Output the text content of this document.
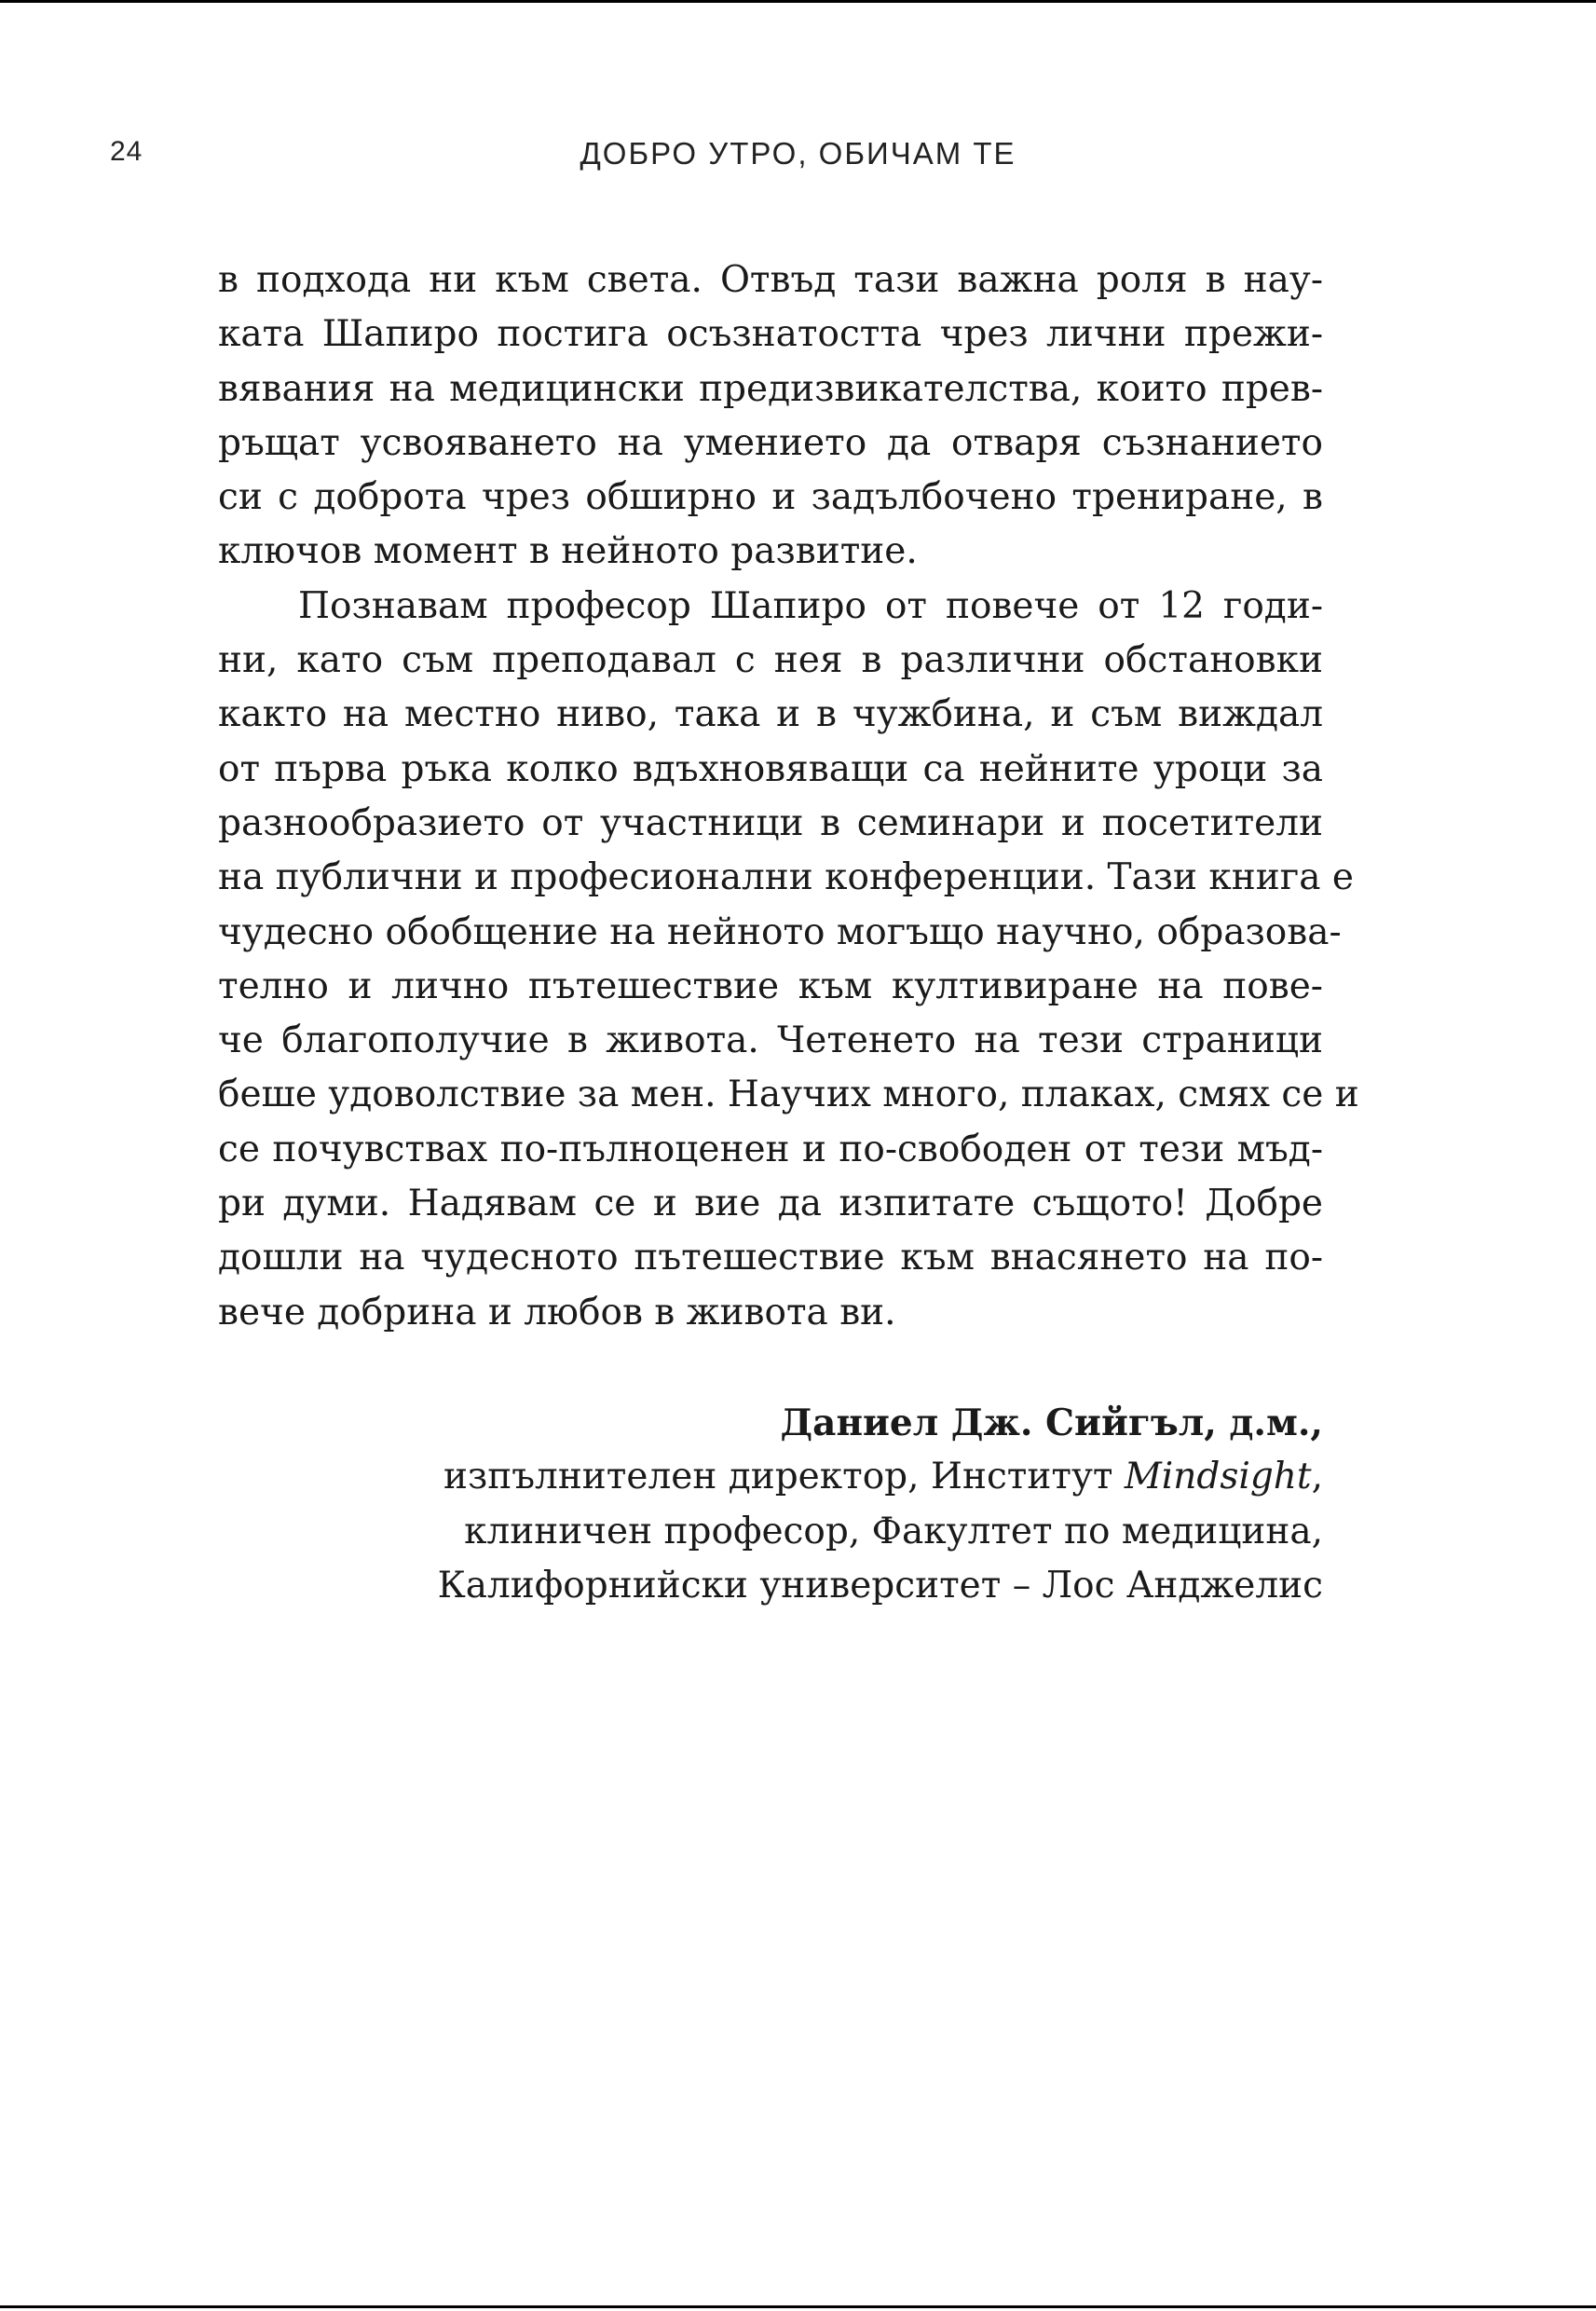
24	ДОБРО УТРО, ОБИЧАМ ТЕ
в подхода ни към света. Отвъд тази важна роля в нау-
ката Шапиро постига осъзнатостта чрез лични прежи-
вявания на медицински предизвикателства, които прев-
ръщат усвояването на умението да отваря съзнанието
си с доброта чрез обширно и задълбочено трениране, в
ключов момент в нейното развитие.
Познавам професор Шапиро от повече от 12 годи-
ни, като съм преподавал с нея в различни обстановки
както на местно ниво, така и в чужбина, и съм виждал
от първа ръка колко вдъхновяващи са нейните уроци за
разнообразието от участници в семинари и посетители
на публични и професионални конференции. Тази книга е
чудесно обобщение на нейното могъщо научно, образова-
телно и лично пътешествие към култивиране на пове-
че благополучие в живота. Четенето на тези страници
беше удоволствие за мен. Научих много, плаках, смях се и
се почувствах по-пълноценен и по-свободен от тези мъд-
ри думи. Надявам се и вие да изпитате същото! Добре
дошли на чудесното пътешествие към внасянето на по-
вече добрина и любов в живота ви.
Даниел Дж. Сийгъл, д.м.,
изпълнителен директор, Институт Mindsight,
клиничен професор, Факултет по медицина,
Калифорнийски университет – Лос Анджелис
